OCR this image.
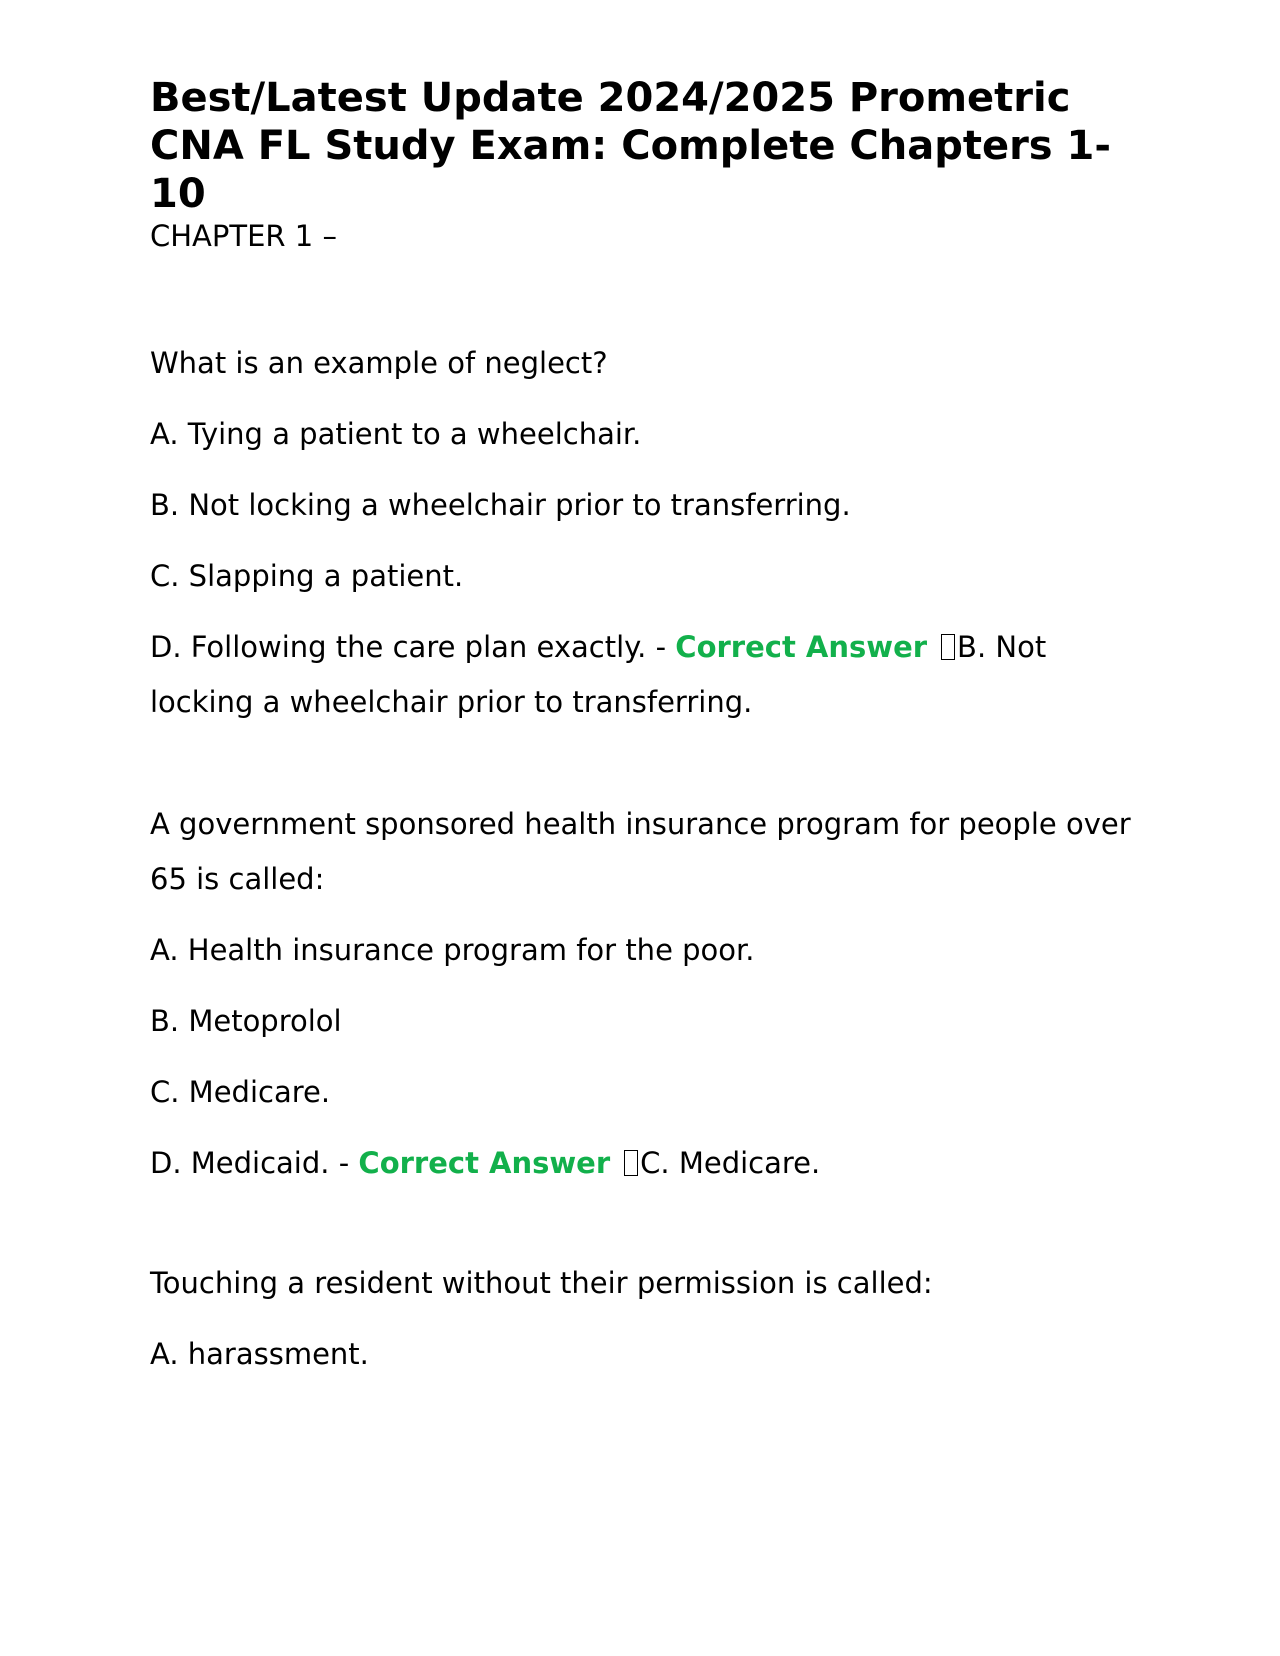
Best/Latest Update 2024/2025 Prometric CNA FL Study Exam: Complete Chapters 1-10

CHAPTER 1 –

What is an example of neglect?

A. Tying a patient to a wheelchair.

B. Not locking a wheelchair prior to transferring.

C. Slapping a patient.

D. Following the care plan exactly. - Correct Answer B. Not locking a wheelchair prior to transferring.

A government sponsored health insurance program for people over 65 is called:

A. Health insurance program for the poor.

B. Metoprolol

C. Medicare.

D. Medicaid. - Correct Answer C. Medicare.

Touching a resident without their permission is called:

A. harassment.
